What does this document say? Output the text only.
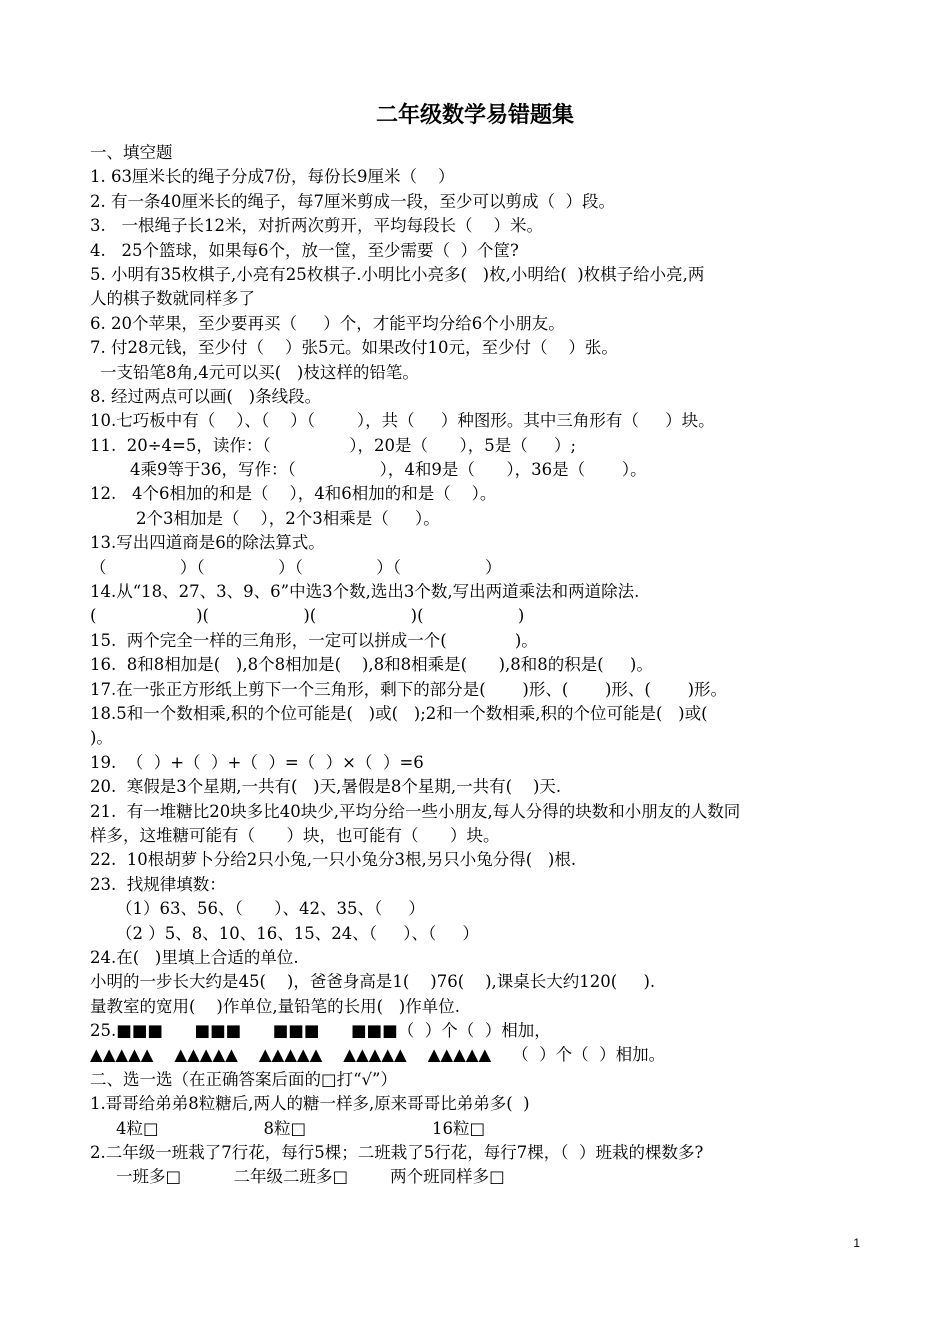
二年级数学易错题集
一、填空题
1. 63厘米长的绳子分成7份，每份长9厘米（    ）
2. 有一条40厘米长的绳子，每7厘米剪成一段，至少可以剪成（  ）段。
3.   一根绳子长12米，对折两次剪开，平均每段长（    ）米。
4.   25个篮球，如果每6个，放一筐，至少需要（  ）个筐?
5. 小明有35枚棋子,小亮有25枚棋子.小明比小亮多(   )枚,小明给(  )枚棋子给小亮,两
人的棋子数就同样多了
6. 20个苹果，至少要再买（     ）个，才能平均分给6个小朋友。
7. 付28元钱，至少付（    ）张5元。如果改付10元，至少付（    ）张。
一支铅笔8角,4元可以买(   )枝这样的铅笔。
8. 经过两点可以画(   )条线段。
10.七巧板中有（    ）、（    ）（        ），共（     ）种图形。其中三角形有（     ）块。
11.  20÷4=5，读作：（               ），20是（      ），5是（     ）;
4乘9等于36，写作：（                ），4和9是（      ），36是（       ）。
12.   4个6相加的和是（    ），4和6相加的和是（    ）。
2个3相加是（    ），2个3相乘是（     ）。
13.写出四道商是6的除法算式。
（              ）（              ）（              ）（                ）
14.从“18、27、3、9、6”中选3个数,选出3个数,写出两道乘法和两道除法.
(                   )(                  )(                  )(                  )
15.  两个完全一样的三角形，一定可以拼成一个(             )。
16.  8和8相加是(   ),8个8相加是(    ),8和8相乘是(      ),8和8的积是(     )。
17.在一张正方形纸上剪下一个三角形，剩下的部分是(       )形、(       )形、(       )形。
18.5和一个数相乘,积的个位可能是(   )或(   );2和一个数相乘,积的个位可能是(   )或(
)。
19.  （  ）+（  ）+（  ）=（  ）×（  ）=6
20.  寒假是3个星期,一共有(   )天,暑假是8个星期,一共有(    )天.
21.  有一堆糖比20块多比40块少,平均分给一些小朋友,每人分得的块数和小朋友的人数同
样多，这堆糖可能有（      ）块，也可能有（      ）块。
22.  10根胡萝卜分给2只小兔,一只小兔分3根,另只小兔分得(   )根.
23.  找规律填数：
（1）63、56、（      ）、42、35、（     ）
（2 ）5、8、10、16、15、24、（     ）、（     ）
24.在(   )里填上合适的单位.
小明的一步长大约是45(    )，爸爸身高是1(    )76(    ),课桌长大约120(     ).
量教室的宽用(    )作单位,量铅笔的长用(   )作单位.
25.■■■      ■■■      ■■■      ■■■（  ）个（  ）相加，
▲▲▲▲▲    ▲▲▲▲▲    ▲▲▲▲▲    ▲▲▲▲▲    ▲▲▲▲▲    （  ）个（  ）相加。
二、选一选（在正确答案后面的□打“√”）
1.哥哥给弟弟8粒糖后,两人的糖一样多,原来哥哥比弟弟多(  )
4粒□                    8粒□                        16粒□
2.二年级一班栽了7行花，每行5棵；二班栽了5行花，每行7棵，（  ）班栽的棵数多?
一班多□          二年级二班多□        两个班同样多□
1
